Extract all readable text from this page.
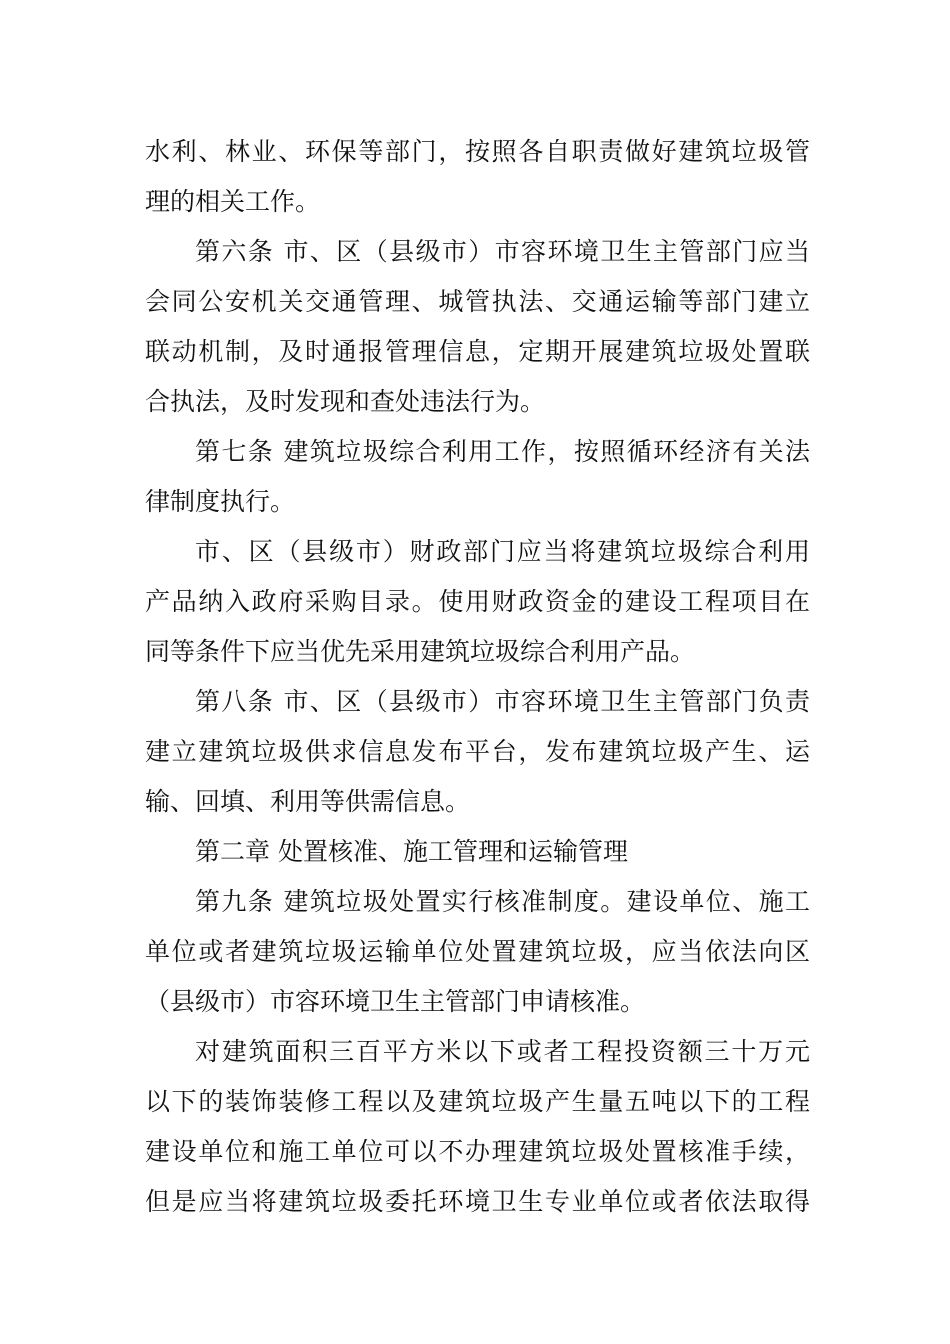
水利、林业、环保等部门，按照各自职责做好建筑垃圾管
理的相关工作。
第六条 市、区（县级市）市容环境卫生主管部门应当
会同公安机关交通管理、城管执法、交通运输等部门建立
联动机制，及时通报管理信息，定期开展建筑垃圾处置联
合执法，及时发现和查处违法行为。
第七条 建筑垃圾综合利用工作，按照循环经济有关法
律制度执行。
市、区（县级市）财政部门应当将建筑垃圾综合利用
产品纳入政府采购目录。使用财政资金的建设工程项目在
同等条件下应当优先采用建筑垃圾综合利用产品。
第八条 市、区（县级市）市容环境卫生主管部门负责
建立建筑垃圾供求信息发布平台，发布建筑垃圾产生、运
输、回填、利用等供需信息。
第二章 处置核准、施工管理和运输管理
第九条 建筑垃圾处置实行核准制度。建设单位、施工
单位或者建筑垃圾运输单位处置建筑垃圾，应当依法向区
（县级市）市容环境卫生主管部门申请核准。
对建筑面积三百平方米以下或者工程投资额三十万元
以下的装饰装修工程以及建筑垃圾产生量五吨以下的工程
建设单位和施工单位可以不办理建筑垃圾处置核准手续，
但是应当将建筑垃圾委托环境卫生专业单位或者依法取得
